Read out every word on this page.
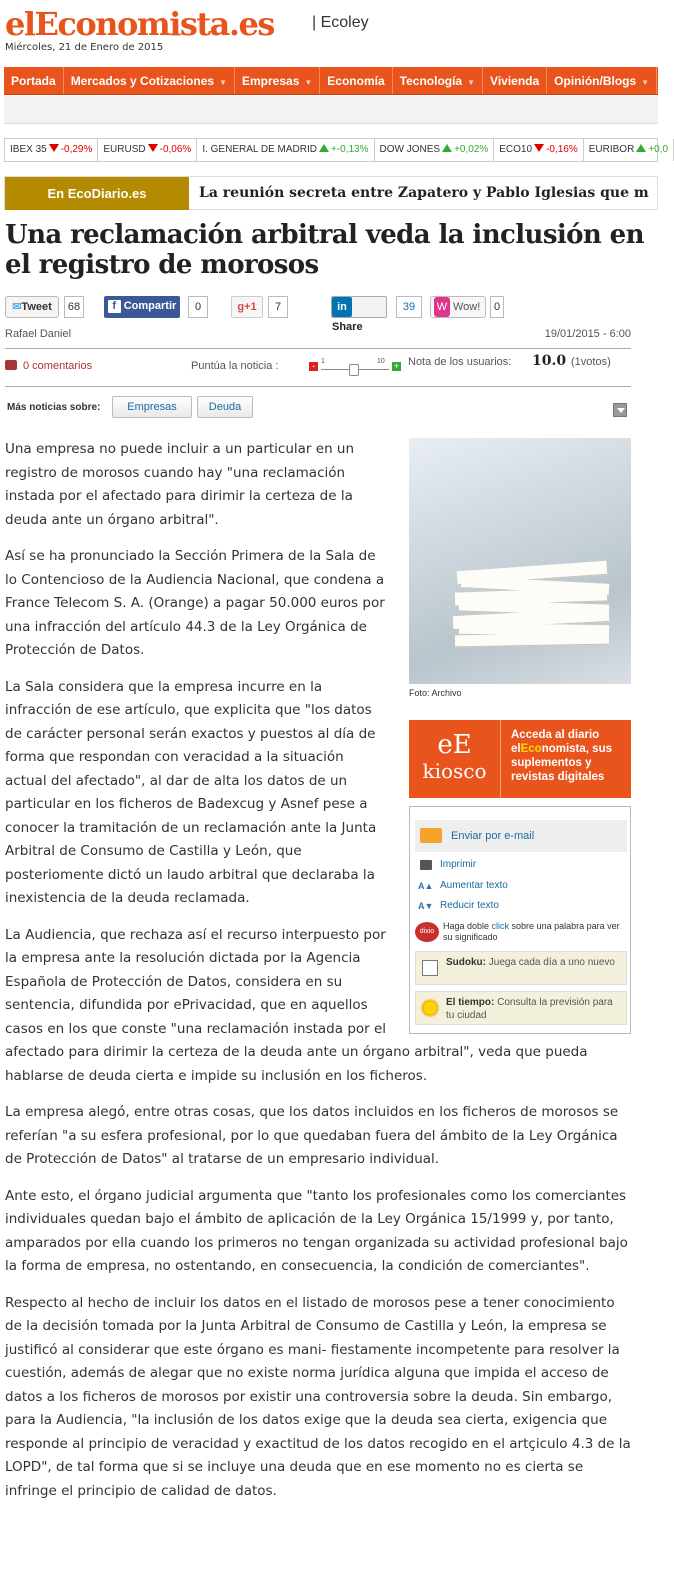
elEconomista.es | Ecoley
Miércoles, 21 de Enero de 2015
Portada	Mercados y Cotizaciones ▼	Empresas ▼	Economía	Tecnología ▼	Vivienda	Opinión/Blogs ▼
IBEX 35 -0,29%	EURUSD -0,06%	I. GENERAL DE MADRID +-0,13%	DOW JONES +0,02%	ECO10 -0,16%	EURIBOR +0,0
En EcoDiario.es	La reunión secreta entre Zapatero y Pablo Iglesias que m
Una reclamación arbitral veda la inclusión en el registro de morosos
✉Tweet	68	f Compartir	0	g+1	7	inShare
39	W Wow!	0
Rafael Daniel	19/01/2015 - 6:00
0 comentarios	Puntúa la noticia :	- 1	10 + Nota de los usuarios: 10.0 (1votos)
Más noticias sobre:	Empresas	Deuda

Una empresa no puede incluir a un particular en un registro de morosos cuando hay "una reclamación instada por el afectado para dirimir la certeza de la deuda ante un órgano arbitral".

Así se ha pronunciado la Sección Primera de la Sala de lo Contencioso de la Audiencia Nacional, que condena a France Telecom S. A. (Orange) a pagar 50.000 euros por una infracción del artículo 44.3 de la Ley Orgánica de Protección de Datos.

La Sala considera que la empresa incurre en la infracción de ese artículo, que explicita que "los datos de carácter personal serán exactos y puestos al día de forma que respondan con veracidad a la situación actual del afectado", al dar de alta los datos de un particular en los ficheros de Badexcug y Asnef pese a conocer la tramitación de un reclamación ante la Junta Arbitral de Consumo de Castilla y León, que posteriomente dictó un laudo arbitral que declaraba la inexistencia de la deuda reclamada.

La Audiencia, que rechaza así el recurso interpuesto por la empresa ante la resolución dictada por la Agencia Española de Protección de Datos, considera en su sentencia, difundida por ePrivacidad, que en aquellos casos en los que conste "una reclamación instada por el afectado para dirimir la certeza de la deuda ante un órgano arbitral", veda que pueda hablarse de deuda cierta e impide su inclusión en los ficheros.

La empresa alegó, entre otras cosas, que los datos incluidos en los ficheros de morosos se referían "a su esfera profesional, por lo que quedaban fuera del ámbito de la Ley Orgánica de Protección de Datos" al tratarse de un empresario individual.

Ante esto, el órgano judicial argumenta que "tanto los profesionales como los comerciantes individuales quedan bajo el ámbito de aplicación de la Ley Orgánica 15/1999 y, por tanto, amparados por ella cuando los primeros no tengan organizada su actividad profesional bajo la forma de empresa, no ostentando, en consecuencia, la condición de comerciantes".

Respecto al hecho de incluir los datos en el listado de morosos pese a tener conocimiento de la decisión tomada por la Junta Arbitral de Consumo de Castilla y León, la empresa se justificó al considerar que este órgano es mani- fiestamente incompetente para resolver la cuestión, además de alegar que no existe norma jurídica alguna que impida el acceso de datos a los ficheros de morosos por existir una controversia sobre la deuda. Sin embargo, para la Audiencia, "la inclusión de los datos exige que la deuda sea cierta, exigencia que responde al principio de veracidad y exactitud de los datos recogido en el artçiculo 4.3 de la LOPD", de tal forma que si se incluye una deuda que en ese momento no es cierta se infringe el principio de calidad de datos.

Foto: Archivo
eE
kiosco
Acceda al diario elEconomista, sus suplementos y revistas digitales
Enviar por e-mail
Imprimir
A▲ Aumentar texto
A▼ Reducir texto
dixio
Haga doble click sobre una palabra para ver su significado
Sudoku: Juega cada día a uno nuevo
El tiempo: Consulta la previsión para tu ciudad
